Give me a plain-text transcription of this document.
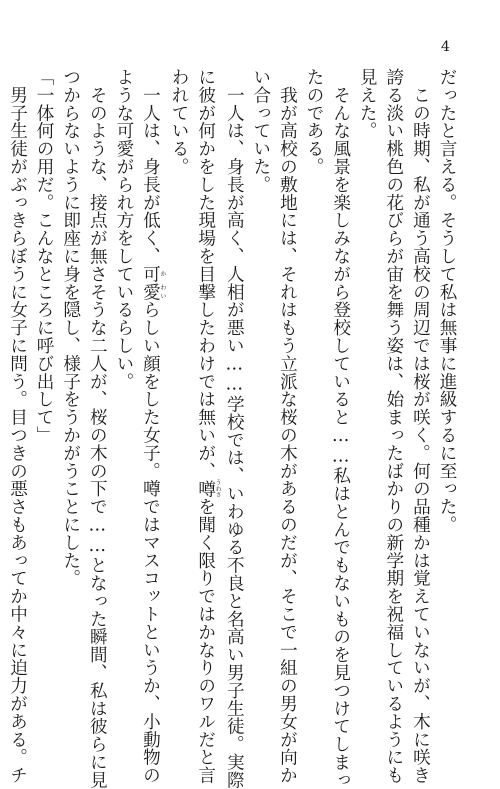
4

だったと言える。そうして私は無事に進級するに至った。

　この時期、私が通う高校の周辺では桜が咲く。何の品種かは覚えていないが、木に咲き

誇る淡い桃色の花びらが宙を舞う姿は、始まったばかりの新学期を祝福しているようにも

見えた。

　そんな風景を楽しみながら登校していると……私はとんでもないものを見つけてしまっ

たのである。

　我が高校の敷地には、それはもう立派な桜の木があるのだが、そこで一組の男女が向か

い合っていた。

　一人は、身長が高く、人相が悪い……学校では、いわゆる不良と名高い男子生徒。実際

に彼が何かをした現場を目撃したわけでは無いが、噂うわさを聞く限りではかなりのワルだと言

われている。

　一人は、身長が低く、可か愛わいらしい顔をした女子。噂ではマスコットというか、小動物の

ような可愛がられ方をしているらしい。

　そのような、接点が無さそうな二人が、桜の木の下で……となった瞬間、私は彼らに見

つからないように即座に身を隠し、様子をうかがうことにした。

「一体何の用だ。こんなところに呼び出して」

　男子生徒がぶっきらぼうに女子に問う。目つきの悪さもあってか中々に迫力がある。チ
